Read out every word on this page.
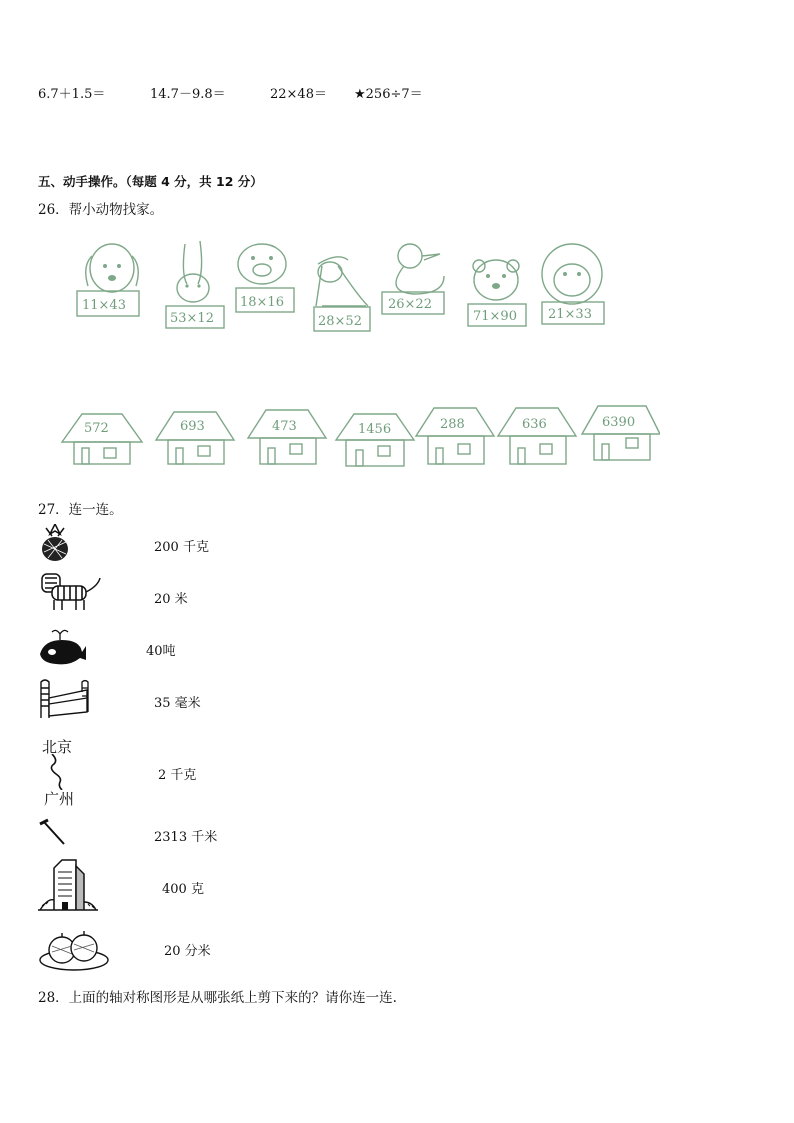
6.7＋1.5＝	14.7－9.8＝	22×48＝ ★256÷7＝
五、动手操作。（每题 4 分，共 12 分）
26．帮小动物找家。
11×43
53×12
18×16
28×52
26×22
71×90 21×33
572	693	473	1456	288	636	6390
27．连一连。
200 千克
20 米
40吨
35 毫米
北京
广州
2 千克
2313 千米
400 克
20 分米
28．上面的轴对称图形是从哪张纸上剪下来的？请你连一连.
